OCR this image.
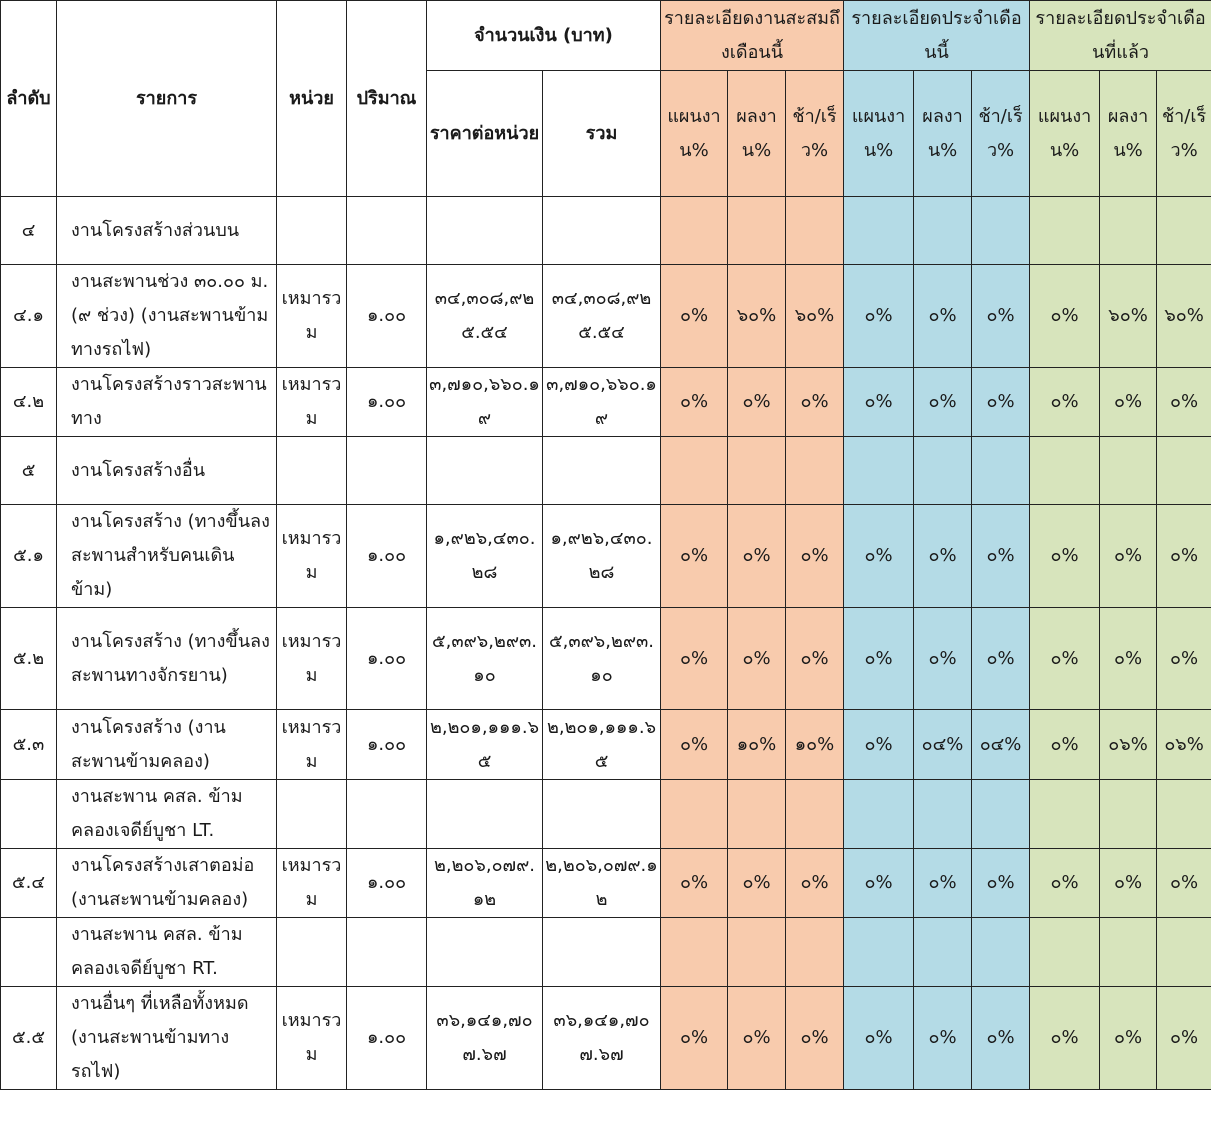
ลำดับ	รายการ	หน่วย	ปริมาณ	จำนวนเงิน (บาท)		รายละเอียดงานสะสมถึงเดือนนี้			รายละเอียดประจำเดือนนี้			รายละเอียดประจำเดือนที่แล้ว		
				ราคาต่อหน่วย	รวม	แผนงาน%	ผลงาน%	ช้า/เร็ว%	แผนงาน%	ผลงาน%	ช้า/เร็ว%	แผนงาน%	ผลงาน%	ช้า/เร็ว%
๔	งานโครงสร้างส่วนบน													
๔.๑	งานสะพานช่วง ๓๐.๐๐ ม. (๙ ช่วง) (งานสะพานข้ามทางรถไฟ)	เหมารวม	๑.๐๐	๓๔,๓๐๘,๙๒๕.๕๔	๓๔,๓๐๘,๙๒๕.๕๔	๐%	๖๐%	๖๐%	๐%	๐%	๐%	๐%	๖๐%	๖๐%
๔.๒	งานโครงสร้างราวสะพานทาง	เหมารวม	๑.๐๐	๓,๗๑๐,๖๖๐.๑๙	๓,๗๑๐,๖๖๐.๑๙	๐%	๐%	๐%	๐%	๐%	๐%	๐%	๐%	๐%
๕	งานโครงสร้างอื่น													
๕.๑	งานโครงสร้าง (ทางขึ้นลงสะพานสำหรับคนเดินข้าม)	เหมารวม	๑.๐๐	๑,๙๒๖,๔๓๐.๒๘	๑,๙๒๖,๔๓๐.๒๘	๐%	๐%	๐%	๐%	๐%	๐%	๐%	๐%	๐%
๕.๒	งานโครงสร้าง (ทางขึ้นลงสะพานทางจักรยาน)	เหมารวม	๑.๐๐	๕,๓๙๖,๒๙๓.๑๐	๕,๓๙๖,๒๙๓.๑๐	๐%	๐%	๐%	๐%	๐%	๐%	๐%	๐%	๐%
๕.๓	งานโครงสร้าง (งานสะพานข้ามคลอง)	เหมารวม	๑.๐๐	๒,๒๐๑,๑๑๑.๖๕	๒,๒๐๑,๑๑๑.๖๕	๐%	๑๐%	๑๐%	๐%	๐๔%	๐๔%	๐%	๐๖%	๐๖%
	งานสะพาน คสล. ข้ามคลองเจดีย์บูชา LT.													
๕.๔	งานโครงสร้างเสาตอม่อ (งานสะพานข้ามคลอง)	เหมารวม	๑.๐๐	๒,๒๐๖,๐๗๙.๑๒	๒,๒๐๖,๐๗๙.๑๒	๐%	๐%	๐%	๐%	๐%	๐%	๐%	๐%	๐%
	งานสะพาน คสล. ข้ามคลองเจดีย์บูชา RT.													
๕.๕	งานอื่นๆ ที่เหลือทั้งหมด (งานสะพานข้ามทางรถไฟ)	เหมารวม	๑.๐๐	๓๖,๑๔๑,๗๐๗.๖๗	๓๖,๑๔๑,๗๐๗.๖๗	๐%	๐%	๐%	๐%	๐%	๐%	๐%	๐%	๐%
